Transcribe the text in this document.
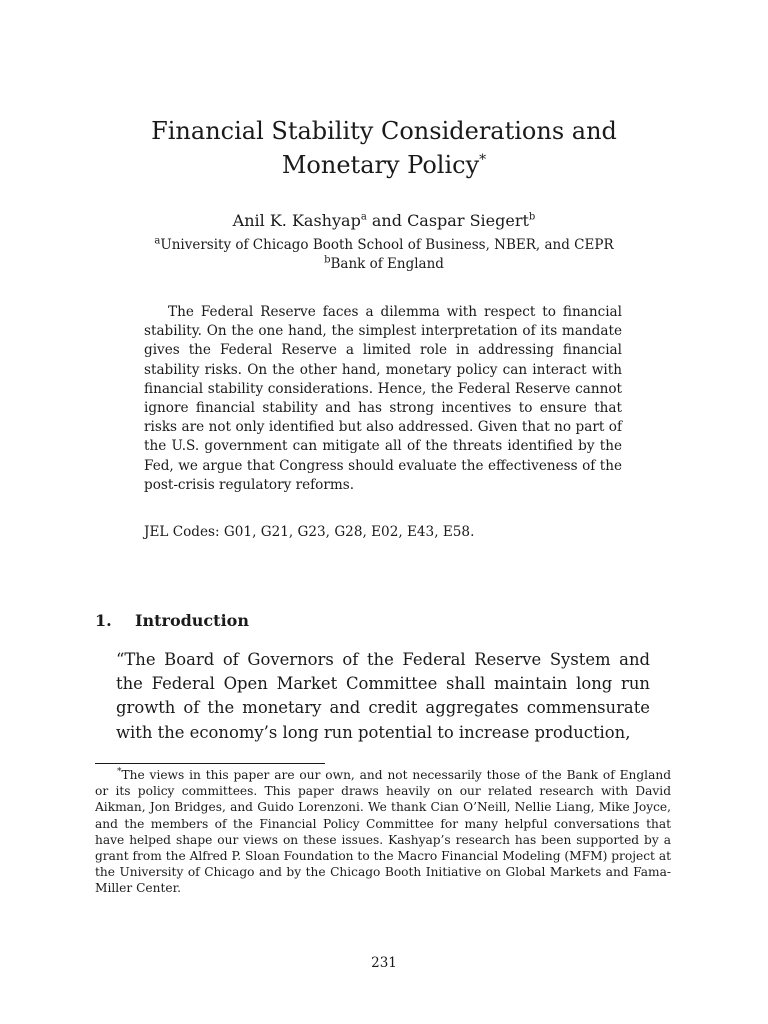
Financial Stability Considerations and
Monetary Policy*

Anil K. Kashyap$^a$ and Caspar Siegert$^b$

$^a$University of Chicago Booth School of Business, NBER, and CEPR
$^b$Bank of England

The Federal Reserve faces a dilemma with respect to financial stability. On the one hand, the simplest interpretation of its mandate gives the Federal Reserve a limited role in addressing financial stability risks. On the other hand, monetary policy can interact with financial stability considerations. Hence, the Federal Reserve cannot ignore financial stability and has strong incentives to ensure that risks are not only identified but also addressed. Given that no part of the U.S. government can mitigate all of the threats identified by the Fed, we argue that Congress should evaluate the effectiveness of the post-crisis regulatory reforms.

JEL Codes: G01, G21, G23, G28, E02, E43, E58.

1. Introduction

“The Board of Governors of the Federal Reserve System and the Federal Open Market Committee shall maintain long run growth of the monetary and credit aggregates commensurate with the economy’s long run potential to increase production,

*The views in this paper are our own, and not necessarily those of the Bank of England or its policy committees. This paper draws heavily on our related research with David Aikman, Jon Bridges, and Guido Lorenzoni. We thank Cian O’Neill, Nellie Liang, Mike Joyce, and the members of the Financial Policy Committee for many helpful conversations that have helped shape our views on these issues. Kashyap’s research has been supported by a grant from the Alfred P. Sloan Foundation to the Macro Financial Modeling (MFM) project at the University of Chicago and by the Chicago Booth Initiative on Global Markets and Fama-Miller Center.

231
